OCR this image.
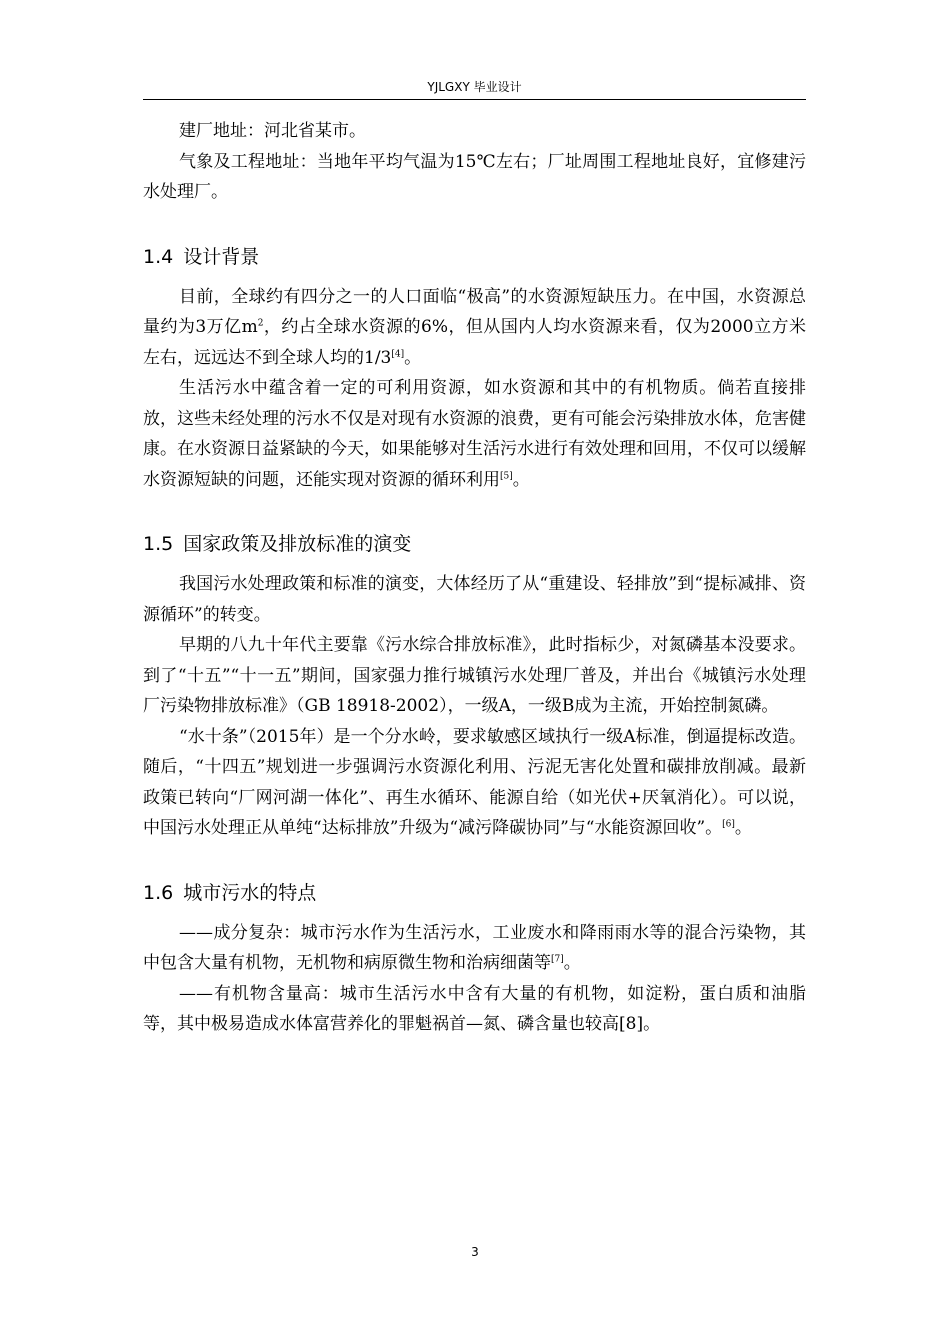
YJLGXY 毕业设计

建厂地址：河北省某市。

气象及工程地址：当地年平均气温为15℃左右；厂址周围工程地址良好，宜修建污水处理厂。

1.4 设计背景

目前，全球约有四分之一的人口面临“极高”的水资源短缺压力。在中国，水资源总量约为3万亿$m^2$，约占全球水资源的6%，但从国内人均水资源来看，仅为2000立方米左右，远远达不到全球人均的1/3[4]。

生活污水中蕴含着一定的可利用资源，如水资源和其中的有机物质。倘若直接排放，这些未经处理的污水不仅是对现有水资源的浪费，更有可能会污染排放水体，危害健康。在水资源日益紧缺的今天，如果能够对生活污水进行有效处理和回用，不仅可以缓解水资源短缺的问题，还能实现对资源的循环利用[5]。

1.5 国家政策及排放标准的演变

我国污水处理政策和标准的演变，大体经历了从“重建设、轻排放”到“提标减排、资源循环”的转变。

早期的八九十年代主要靠《污水综合排放标准》，此时指标少，对氮磷基本没要求。到了“十五”“十一五”期间，国家强力推行城镇污水处理厂普及，并出台《城镇污水处理厂污染物排放标准》（GB 18918-2002），一级A，一级B成为主流，开始控制氮磷。

“水十条”（2015年）是一个分水岭，要求敏感区域执行一级A标准，倒逼提标改造。随后，“十四五”规划进一步强调污水资源化利用、污泥无害化处置和碳排放削减。最新政策已转向“厂网河湖一体化”、再生水循环、能源自给（如光伏+厌氧消化）。可以说，中国污水处理正从单纯“达标排放”升级为“减污降碳协同”与“水能资源回收”。[6]。

1.6 城市污水的特点

——成分复杂：城市污水作为生活污水，工业废水和降雨雨水等的混合污染物，其中包含大量有机物，无机物和病原微生物和治病细菌等[7]。

——有机物含量高：城市生活污水中含有大量的有机物，如淀粉，蛋白质和油脂等，其中极易造成水体富营养化的罪魁祸首—氮、磷含量也较高[8]。

3
